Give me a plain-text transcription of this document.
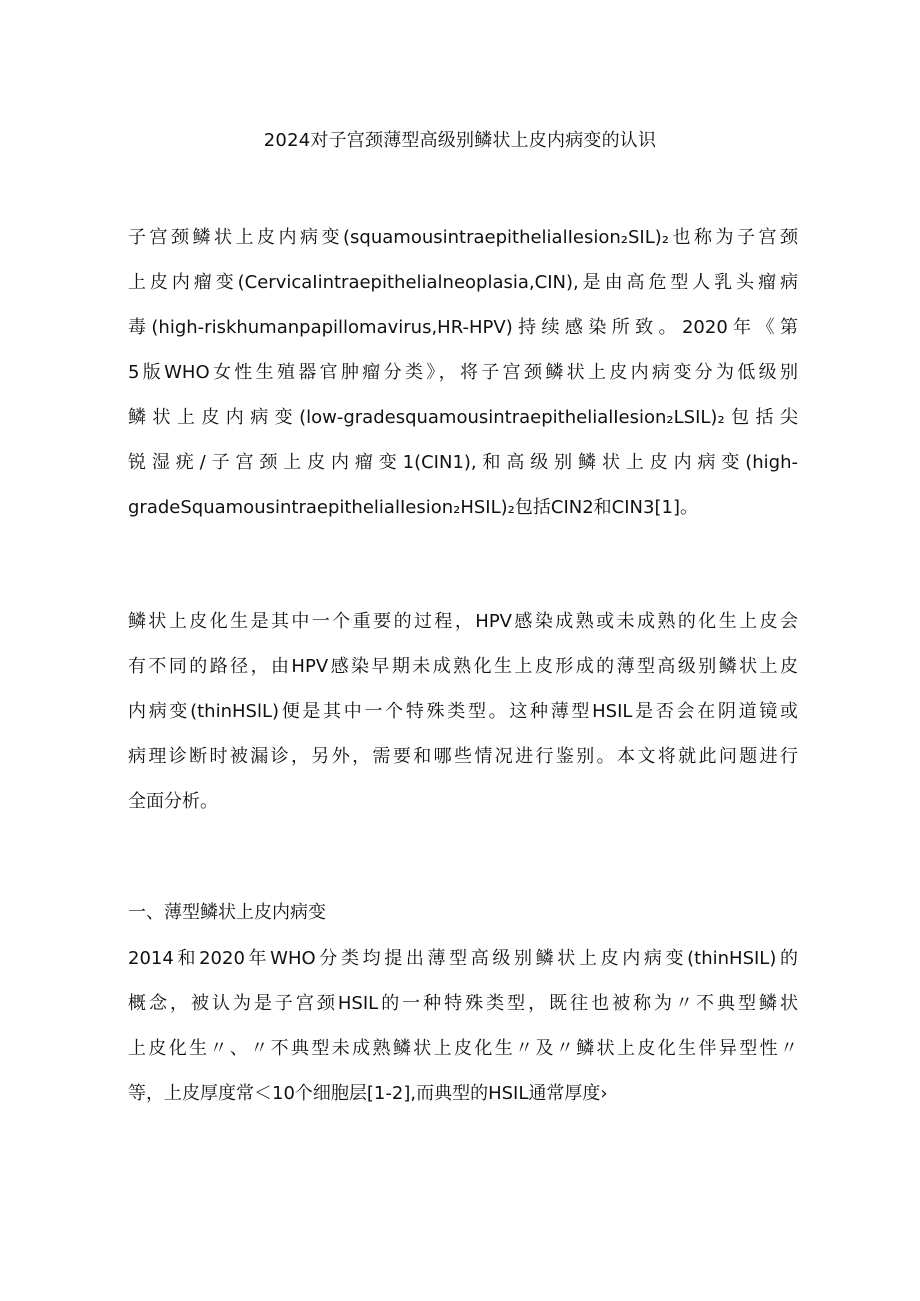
2024对子宫颈薄型高级别鳞状上皮内病变的认识
子宫颈鳞状上皮内病变(squamousintraepithelialIesion₂SIL)₂也称为子宫颈
上皮内瘤变(CervicaIintraepithelialneoplasia,CIN),是由高危型人乳头瘤病
毒(high-riskhumanpapillomavirus,HR-HPV)持续感染所致。2020年《第
5版WHO女性生殖器官肿瘤分类》，将子宫颈鳞状上皮内病变分为低级别
鳞状上皮内病变(low-gradesquamousintraepithelialIesion₂LSIL)₂包括尖
锐湿疣/子宫颈上皮内瘤变1(CIN1),和高级别鳞状上皮内病变(high-
gradeSquamousintraepithelialIesion₂HSIL)₂包括CIN2和CIN3[1]。
鳞状上皮化生是其中一个重要的过程，HPV感染成熟或未成熟的化生上皮会
有不同的路径，由HPV感染早期未成熟化生上皮形成的薄型高级别鳞状上皮
内病变(thinHSlL)便是其中一个特殊类型。这种薄型HSIL是否会在阴道镜或
病理诊断时被漏诊，另外，需要和哪些情况进行鉴别。本文将就此问题进行
全面分析。
一、薄型鳞状上皮内病变
2014和2020年WHO分类均提出薄型高级别鳞状上皮内病变(thinHSIL)的
概念，被认为是子宫颈HSIL的一种特殊类型，既往也被称为〃不典型鳞状
上皮化生〃、〃不典型未成熟鳞状上皮化生〃及〃鳞状上皮化生伴异型性〃
等，上皮厚度常＜10个细胞层[1-2],而典型的HSIL通常厚度›
